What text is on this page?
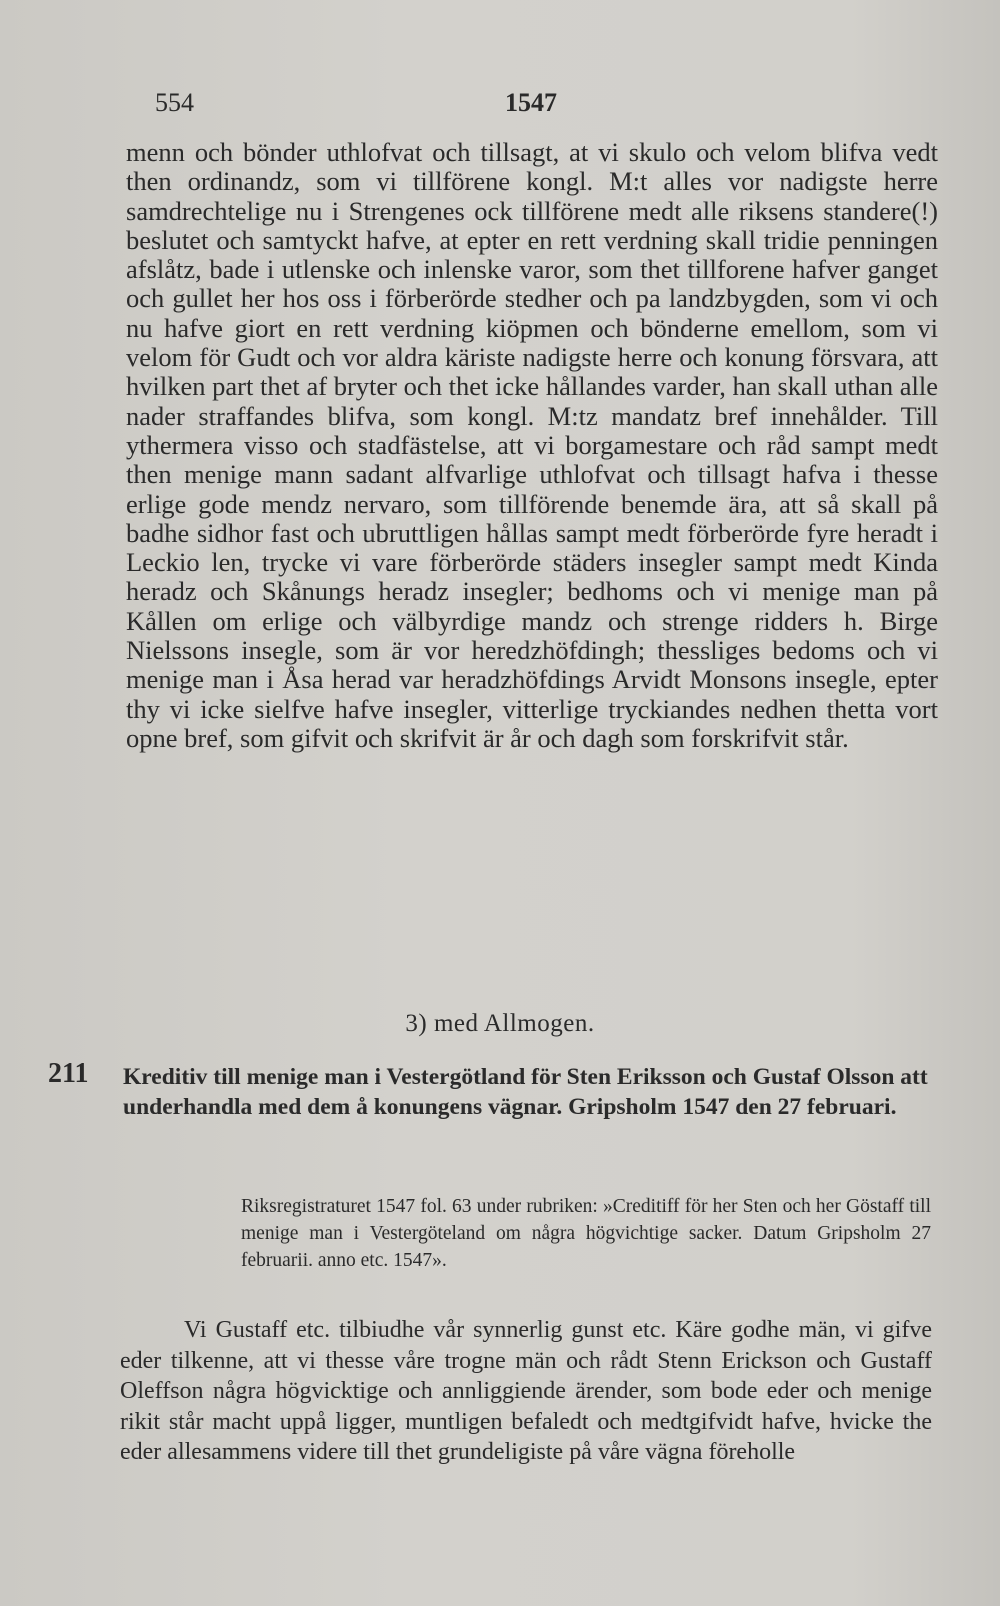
554	1547

menn och bönder uthlofvat och tillsagt, at vi skulo och velom blifva vedt then ordinandz, som vi tillförene kongl. M:t alles vor nadigste herre samdrechtelige nu i Strengenes ock tillförene medt alle riksens standere(!) beslutet och samtyckt hafve, at epter en rett verdning skall tridie penningen afslåtz, bade i utlenske och inlenske varor, som thet tillforene hafver ganget och gullet her hos oss i förberörde stedher och pa landzbygden, som vi och nu hafve giort en rett verdning kiöpmen och bönderne emellom, som vi velom för Gudt och vor aldra käriste nadigste herre och konung försvara, att hvilken part thet af bryter och thet icke hållandes varder, han skall uthan alle nader straffandes blifva, som kongl. M:tz mandatz bref innehålder. Till ythermera visso och stadfästelse, att vi borgamestare och råd sampt medt then menige mann sadant alfvarlige uthlofvat och tillsagt hafva i thesse erlige gode mendz nervaro, som tillförende benemde ära, att så skall på badhe sidhor fast och ubruttligen hållas sampt medt förberörde fyre heradt i Leckio len, trycke vi vare förberörde städers insegler sampt medt Kinda heradz och Skånungs heradz insegler; bedhoms och vi menige man på Kållen om erlige och välbyrdige mandz och strenge ridders h. Birge Nielssons insegle, som är vor heredzhöfdingh; thessliges bedoms och vi menige man i Åsa herad var heradzhöfdings Arvidt Monsons insegle, epter thy vi icke sielfve hafve insegler, vitterlige tryckiandes nedhen thetta vort opne bref, som gifvit och skrifvit är år och dagh som forskrifvit står.

3) med Allmogen.
211 Kreditiv till menige man i Vestergötland för Sten Eriksson och Gustaf Olsson att underhandla med dem å konungens vägnar. Gripsholm 1547 den 27 februari.
Riksregistraturet 1547 fol. 63 under rubriken: »Creditiff för her Sten och her Göstaff till menige man i Vestergöteland om några högvichtige sacker. Datum Gripsholm 27 februarii. anno etc. 1547».

Vi Gustaff etc. tilbiudhe vår synnerlig gunst etc. Käre godhe män, vi gifve eder tilkenne, att vi thesse våre trogne män och rådt Stenn Erickson och Gustaff Oleffson några högvicktige och annliggiende ärender, som bode eder och menige rikit står macht uppå ligger, muntligen befaledt och medtgifvidt hafve, hvicke the eder allesammens videre till thet grundeligiste på våre vägna föreholle
